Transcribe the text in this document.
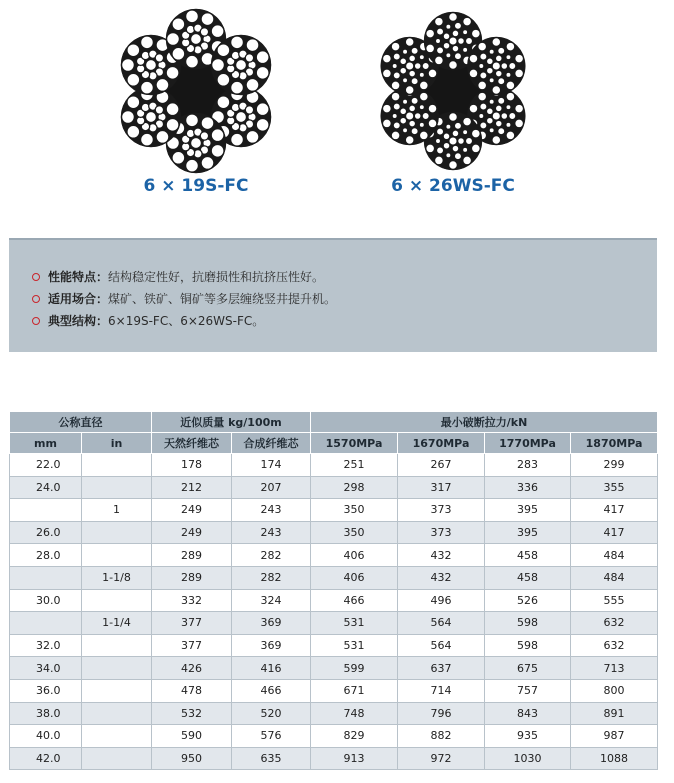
6 × 19S-FC	6 × 26WS-FC
性能特点：结构稳定性好，抗磨损性和抗挤压性好。
适用场合：煤矿、铁矿、铜矿等多层缠绕竖井提升机。
典型结构：6×19S-FC、6×26WS-FC。
公称直径		近似质量 kg/100m		最小破断拉力/kN			
mm	in	天然纤维芯	合成纤维芯	1570MPa	1670MPa	1770MPa	1870MPa
22.0		178	174	251	267	283	299
24.0		212	207	298	317	336	355
	1	249	243	350	373	395	417
26.0		249	243	350	373	395	417
28.0		289	282	406	432	458	484
	1-1/8	289	282	406	432	458	484
30.0		332	324	466	496	526	555
	1-1/4	377	369	531	564	598	632
32.0		377	369	531	564	598	632
34.0		426	416	599	637	675	713
36.0		478	466	671	714	757	800
38.0		532	520	748	796	843	891
40.0		590	576	829	882	935	987
42.0		950	635	913	972	1030	1088
